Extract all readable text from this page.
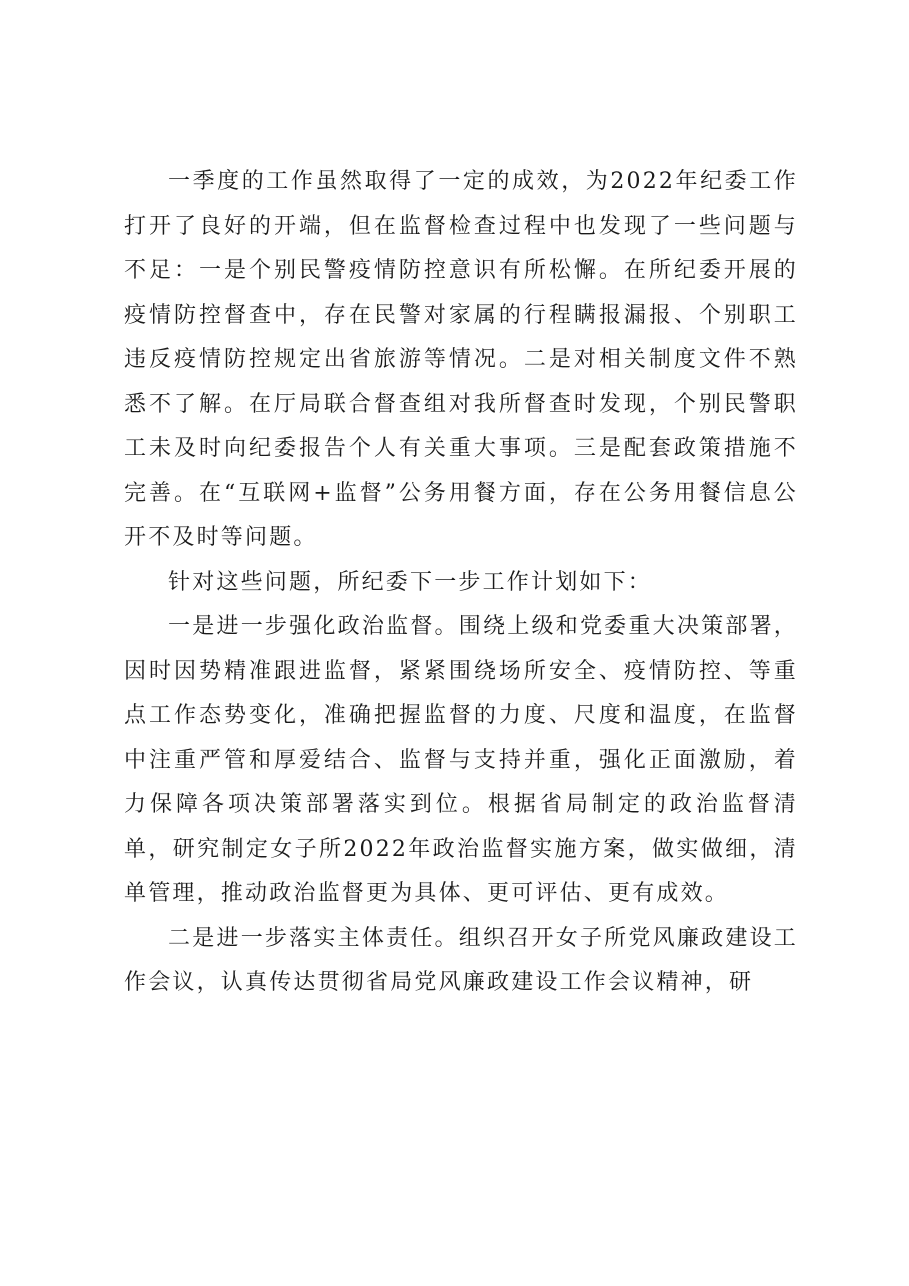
一季度的工作虽然取得了一定的成效，为2022年纪委工作打开了良好的开端，但在监督检查过程中也发现了一些问题与不足：一是个别民警疫情防控意识有所松懈。在所纪委开展的疫情防控督查中，存在民警对家属的行程瞒报漏报、个别职工违反疫情防控规定出省旅游等情况。二是对相关制度文件不熟悉不了解。在厅局联合督查组对我所督查时发现，个别民警职工未及时向纪委报告个人有关重大事项。三是配套政策措施不完善。在“互联网+监督”公务用餐方面，存在公务用餐信息公开不及时等问题。

针对这些问题，所纪委下一步工作计划如下：

一是进一步强化政治监督。围绕上级和党委重大决策部署，因时因势精准跟进监督，紧紧围绕场所安全、疫情防控、等重点工作态势变化，准确把握监督的力度、尺度和温度，在监督中注重严管和厚爱结合、监督与支持并重，强化正面激励，着力保障各项决策部署落实到位。根据省局制定的政治监督清单，研究制定女子所2022年政治监督实施方案，做实做细，清单管理，推动政治监督更为具体、更可评估、更有成效。

二是进一步落实主体责任。组织召开女子所党风廉政建设工作会议，认真传达贯彻省局党风廉政建设工作会议精神，研
